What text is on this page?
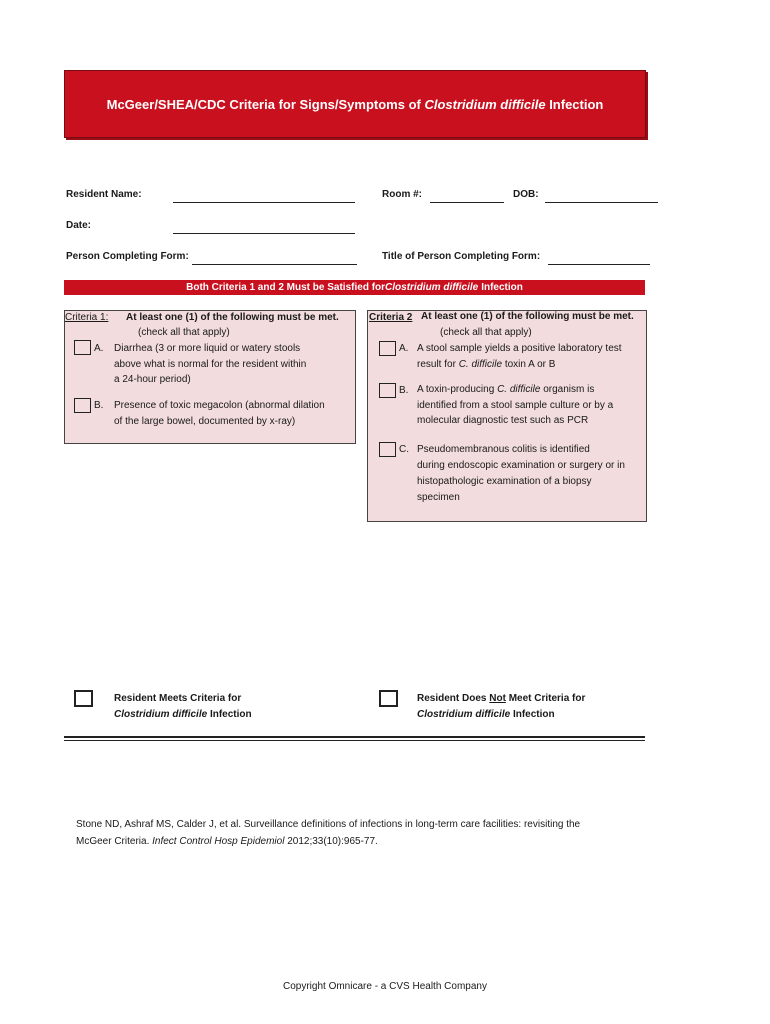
McGeer/SHEA/CDC Criteria for Signs/Symptoms of Clostridium difficile Infection
Resident Name:	Room #:	DOB:
Date:
Person Completing Form:	Title of Person Completing Form:
Both Criteria 1 and 2 Must be Satisfied for Clostridium difficile Infection
Criteria 1: At least one (1) of the following must be met.
(check all that apply)
A. Diarrhea (3 or more liquid or watery stools
above what is normal for the resident within
a 24-hour period)
B. Presence of toxic megacolon (abnormal dilation
of the large bowel, documented by x-ray)
Criteria 2 At least one (1) of the following must be met.
(check all that apply)
A. A stool sample yields a positive laboratory test
result for C. difficile toxin A or B
B. A toxin-producing C. difficile organism is
identified from a stool sample culture or by a
molecular diagnostic test such as PCR
C. Pseudomembranous colitis is identified
during endoscopic examination or surgery or in
histopathologic examination of a biopsy
specimen
Resident Meets Criteria for
Clostridium difficile Infection
Resident Does Not Meet Criteria for
Clostridium difficile Infection
Stone ND, Ashraf MS, Calder J, et al. Surveillance definitions of infections in long-term care facilities: revisiting the
McGeer Criteria. Infect Control Hosp Epidemiol 2012;33(10):965-77.
Copyright Omnicare - a CVS Health Company
